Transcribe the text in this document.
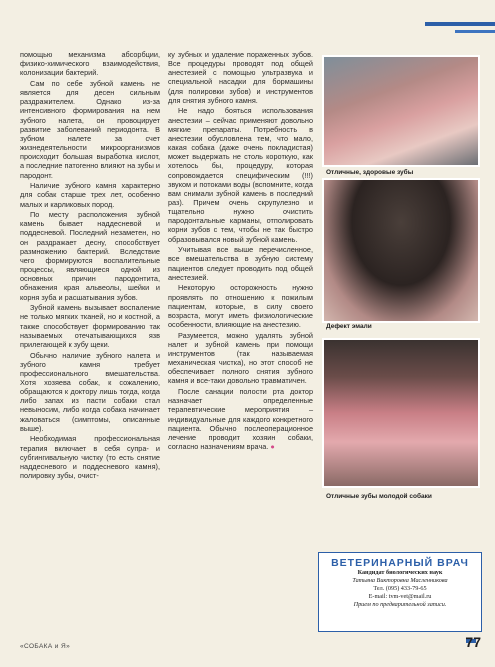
помощью механизма абсорбции, физико-химического взаимодействия, колонизации бактерий.

Сам по себе зубной камень не является для десен сильным раздражителем. Однако из-за интенсивного формирования на нем зубного налета, он провоцирует развитие заболеваний периодонта. В зубном налете за счет жизнедеятельности микроорганизмов происходит большая выработка кислот, а последние патогенно влияют на зубы и пародонт.

Наличие зубного камня характерно для собак старше трех лет, особенно малых и карликовых пород.

По месту расположения зубной камень бывает наддесневой и поддесневой. Последний незаметен, но он раздражает десну, способствует размножению бактерий. Вследствие чего формируются воспалительные процессы, являющиеся одной из основных причин пародонтита, обнажения края альвеолы, шейки и корня зуба и расшатывания зубов.

Зубной камень вызывает воспаление не только мягких тканей, но и костной, а также способствует формированию так называемых отечатывающихся язв прилегающей к зубу щеки.

Обычно наличие зубного налета и зубного камня требует профессионального вмешательства. Хотя хозяева собак, к сожалению, обращаются к доктору лишь тогда, когда либо запах из пасти собаки стал невыносим, либо когда собака начинает жаловаться (симптомы, описанные выше).

Необходимая профессиональная терапия включает в себя супра- и субгингивальную чистку (то есть снятие наддесневого и поддесневого камня), полировку зубы, очист-

ку зубных и удаление пораженных зубов. Все процедуры проводят под общей анестезией с помощью ультразвука и специальной насадки для бормашины (для полировки зубов) и инструментов для снятия зубного камня.

Не надо бояться использования анестезии – сейчас применяют довольно мягкие препараты. Потребность в анестезии обусловлена тем, что мало, какая собака (даже очень покладистая) может выдержать не столь короткую, как хотелось бы, процедуру, которая сопровождается специфическим (!!!) звуком и потоками воды (вспомните, когда вам снимали зубной камень в последний раз). Причем очень скрупулезно и тщательно нужно очистить пародонтальные карманы, отполировать корни зубов с тем, чтобы не так быстро образовывался новый зубной камень.

Учитывая все выше перечисленное, все вмешательства в зубную систему пациентов следует проводить под общей анестезией.

Некоторую осторожность нужно проявлять по отношению к пожилым пациентам, которые, в силу своего возраста, могут иметь физиологические особенности, влияющие на анестезию.

Разумеется, можно удалять зубной налет и зубной камень при помощи инструментов (так называемая механическая чистка), но этот способ не обеспечивает полного снятия зубного камня и все-таки довольно травматичен.

После санации полости рта доктор назначает определенные терапевтические мероприятия – индивидуальные для каждого конкретного пациента. Обычно послеоперационное лечение проводит хозяин собаки, согласно назначениям врача. ●

Отличные, здоровые зубы
Дефект эмали
Отличные зубы молодой собаки
ВЕТЕРИНАРНЫЙ ВРАЧ
Кандидат биологических наук
Татьяна Викторовна Масленникова
Тел. (095) 433-79-65
E-mail: tvm-vet@mail.ru
Прием по предварительной записи.
«СОБАКА и Я»	77
